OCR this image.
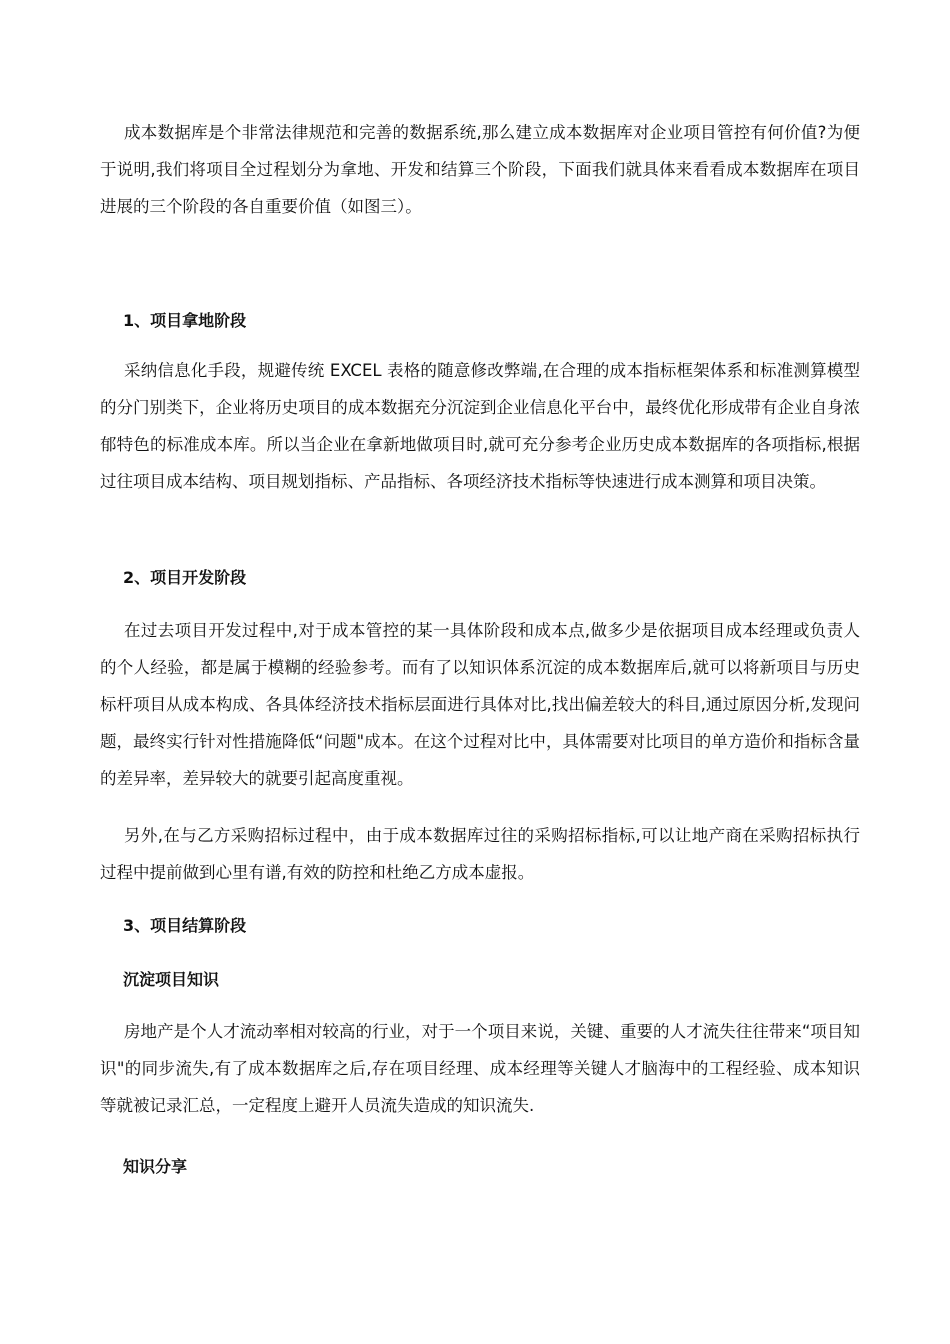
成本数据库是个非常法律规范和完善的数据系统,那么建立成本数据库对企业项目管控有何价值?为便于说明,我们将项目全过程划分为拿地、开发和结算三个阶段，下面我们就具体来看看成本数据库在项目进展的三个阶段的各自重要价值（如图三）。

1、项目拿地阶段

采纳信息化手段，规避传统 EXCEL 表格的随意修改弊端,在合理的成本指标框架体系和标准测算模型的分门别类下，企业将历史项目的成本数据充分沉淀到企业信息化平台中，最终优化形成带有企业自身浓郁特色的标准成本库。所以当企业在拿新地做项目时,就可充分参考企业历史成本数据库的各项指标,根据过往项目成本结构、项目规划指标、产品指标、各项经济技术指标等快速进行成本测算和项目决策。

2、项目开发阶段

在过去项目开发过程中,对于成本管控的某一具体阶段和成本点,做多少是依据项目成本经理或负责人的个人经验，都是属于模糊的经验参考。而有了以知识体系沉淀的成本数据库后,就可以将新项目与历史标杆项目从成本构成、各具体经济技术指标层面进行具体对比,找出偏差较大的科目,通过原因分析,发现问题，最终实行针对性措施降低“问题"成本。在这个过程对比中，具体需要对比项目的单方造价和指标含量的差异率，差异较大的就要引起高度重视。

另外,在与乙方采购招标过程中，由于成本数据库过往的采购招标指标,可以让地产商在采购招标执行过程中提前做到心里有谱,有效的防控和杜绝乙方成本虚报。

3、项目结算阶段
沉淀项目知识

房地产是个人才流动率相对较高的行业，对于一个项目来说，关键、重要的人才流失往往带来“项目知识"的同步流失,有了成本数据库之后,存在项目经理、成本经理等关键人才脑海中的工程经验、成本知识等就被记录汇总，一定程度上避开人员流失造成的知识流失.

知识分享
